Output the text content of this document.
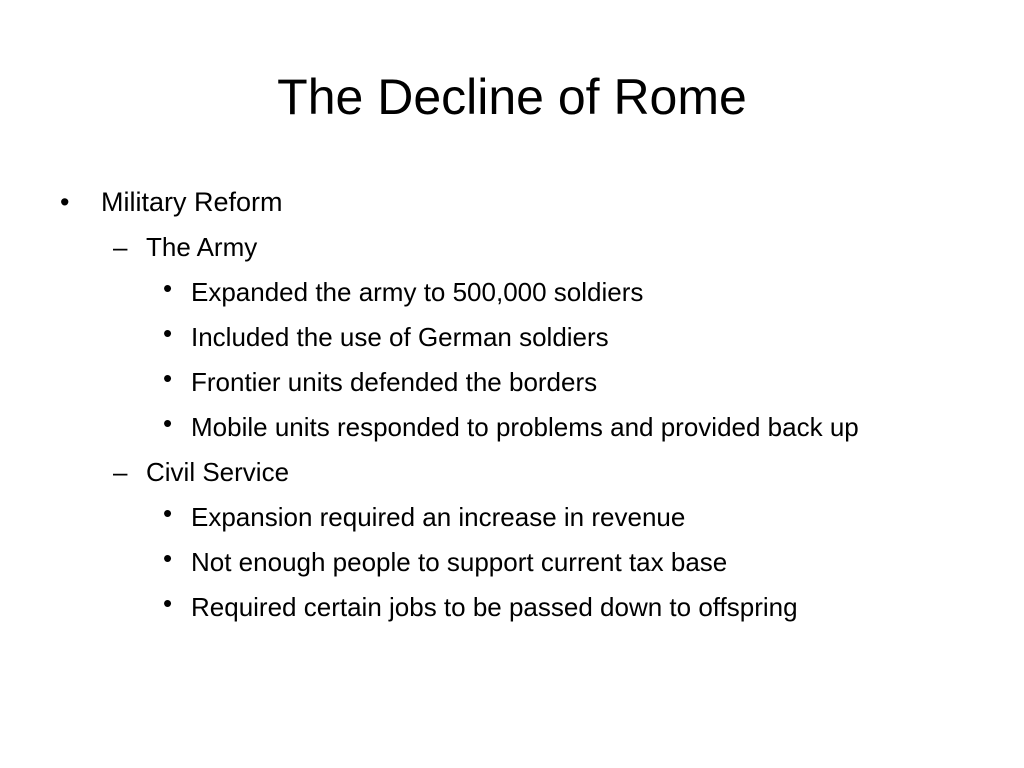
The Decline of Rome
• Military Reform
– The Army
• Expanded the army to 500,000 soldiers
• Included the use of German soldiers
• Frontier units defended the borders
• Mobile units responded to problems and provided back up
– Civil Service
• Expansion required an increase in revenue
• Not enough people to support current tax base
• Required certain jobs to be passed down to offspring
